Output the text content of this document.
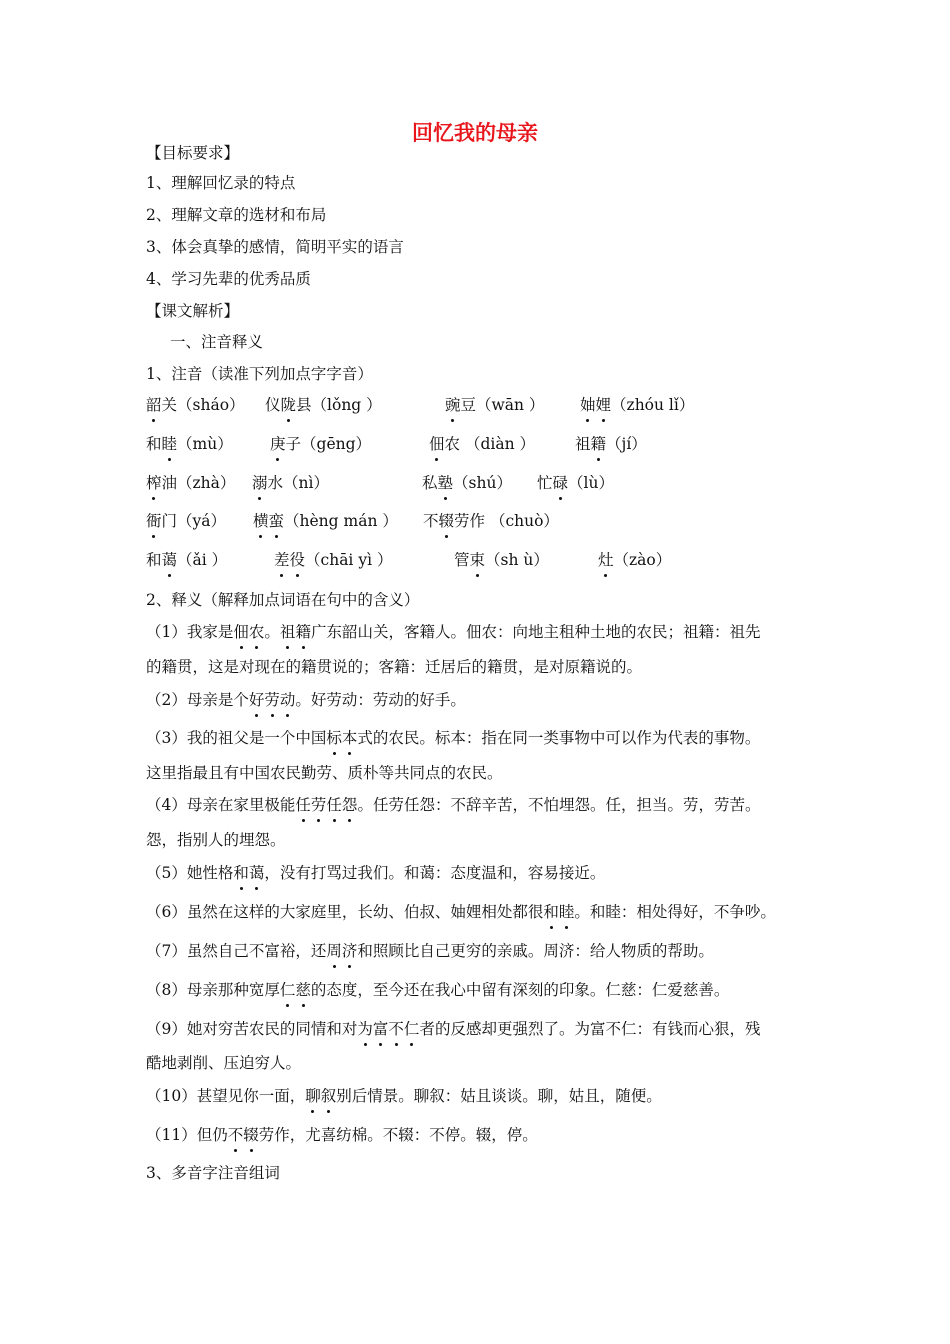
回忆我的母亲
【目标要求】
1、理解回忆录的特点
2、理解文章的选材和布局
3、体会真挚的感情，简明平实的语言
4、学习先辈的优秀品质
【课文解析】
一、注音释义
1、注音（读准下列加点字字音）
韶关（sháo） 仪陇县（lǒng ）	豌豆（wān ） 妯娌（zhóu lǐ）
和睦（mù） 庚子（gēng）	佃农 （diàn ）	祖籍（jí）
榨油（zhà） 溺水（nì）	私塾（shú） 忙碌（lù）
衙门（yá） 横蛮（hèng mán ） 不辍劳作 （chuò）
和蔼（ǎi ）	差役（chāi yì ）	管束（sh ù）	灶（zào）
2、释义（解释加点词语在句中的含义）
（1）我家是佃农。祖籍广东韶山关，客籍人。佃农：向地主租种土地的农民；祖籍：祖先
的籍贯，这是对现在的籍贯说的；客籍：迁居后的籍贯，是对原籍说的。
（2）母亲是个好劳动。好劳动：劳动的好手。
（3）我的祖父是一个中国标本式的农民。标本：指在同一类事物中可以作为代表的事物。
这里指最且有中国农民勤劳、质朴等共同点的农民。
（4）母亲在家里极能任劳任怨。任劳任怨：不辞辛苦，不怕埋怨。任，担当。劳，劳苦。
怨，指别人的埋怨。
（5）她性格和蔼，没有打骂过我们。和蔼：态度温和，容易接近。
（6）虽然在这样的大家庭里，长幼、伯叔、妯娌相处都很和睦。和睦：相处得好，不争吵。
（7）虽然自己不富裕，还周济和照顾比自己更穷的亲戚。周济：给人物质的帮助。
（8）母亲那种宽厚仁慈的态度，至今还在我心中留有深刻的印象。仁慈：仁爱慈善。
（9）她对穷苦农民的同情和对为富不仁者的反感却更强烈了。为富不仁：有钱而心狠，残
酷地剥削、压迫穷人。
（10）甚望见你一面，聊叙别后情景。聊叙：姑且谈谈。聊，姑且，随便。
（11）但仍不辍劳作，尤喜纺棉。不辍：不停。辍，停。
3、多音字注音组词
